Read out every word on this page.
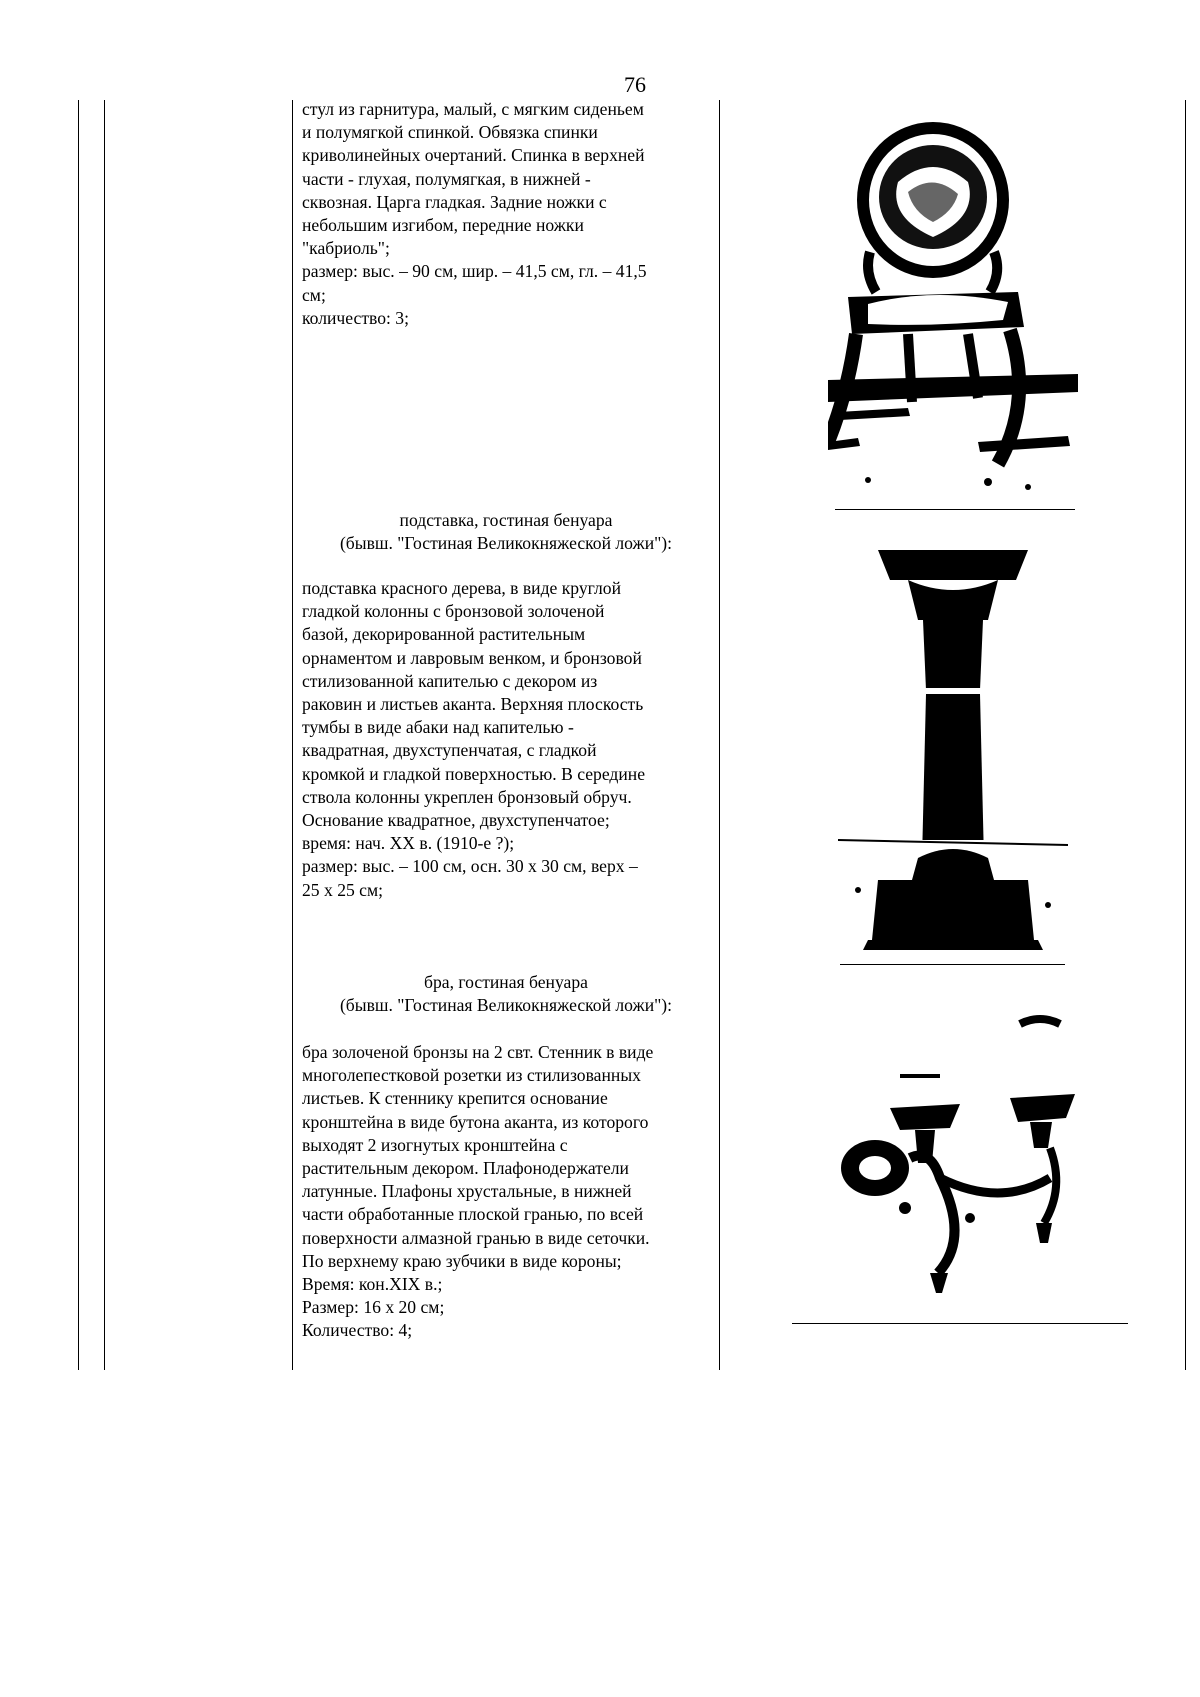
76

стул из гарнитура, малый, с мягким сиденьем

и полумягкой спинкой. Обвязка спинки

криволинейных очертаний. Спинка в верхней

части - глухая, полумягкая, в нижней -

сквозная. Царга гладкая. Задние ножки с

небольшим изгибом, передние ножки

"кабриоль";

размер: выс. – 90 см, шир. – 41,5 см, гл. – 41,5

см;

количество: 3;

подставка, гостиная бенуара

(бывш. "Гостиная Великокняжеской ложи"):

подставка красного дерева, в виде круглой

гладкой колонны с бронзовой золоченой

базой, декорированной растительным

орнаментом и лавровым венком, и бронзовой

стилизованной капителью с декором из

раковин и листьев аканта. Верхняя плоскость

тумбы в виде абаки над капителью -

квадратная, двухступенчатая, с гладкой

кромкой и гладкой поверхностью. В середине

ствола колонны укреплен бронзовый обруч.

Основание квадратное, двухступенчатое;

время: нач. XX в. (1910-е ?);

размер: выс. – 100 см, осн. 30 х 30 см, верх –

25 х 25 см;

бра, гостиная бенуара

(бывш. "Гостиная Великокняжеской ложи"):

бра золоченой бронзы на 2 свт. Стенник в виде

многолепестковой розетки из стилизованных

листьев. К стеннику крепится основание

кронштейна в виде бутона аканта, из которого

выходят 2 изогнутых кронштейна с

растительным декором. Плафонодержатели

латунные. Плафоны хрустальные, в нижней

части обработанные плоской гранью, по всей

поверхности алмазной гранью в виде сеточки.

По верхнему краю зубчики в виде короны;

Время: кон.XIX в.;

Размер: 16 х 20 см;

Количество: 4;
